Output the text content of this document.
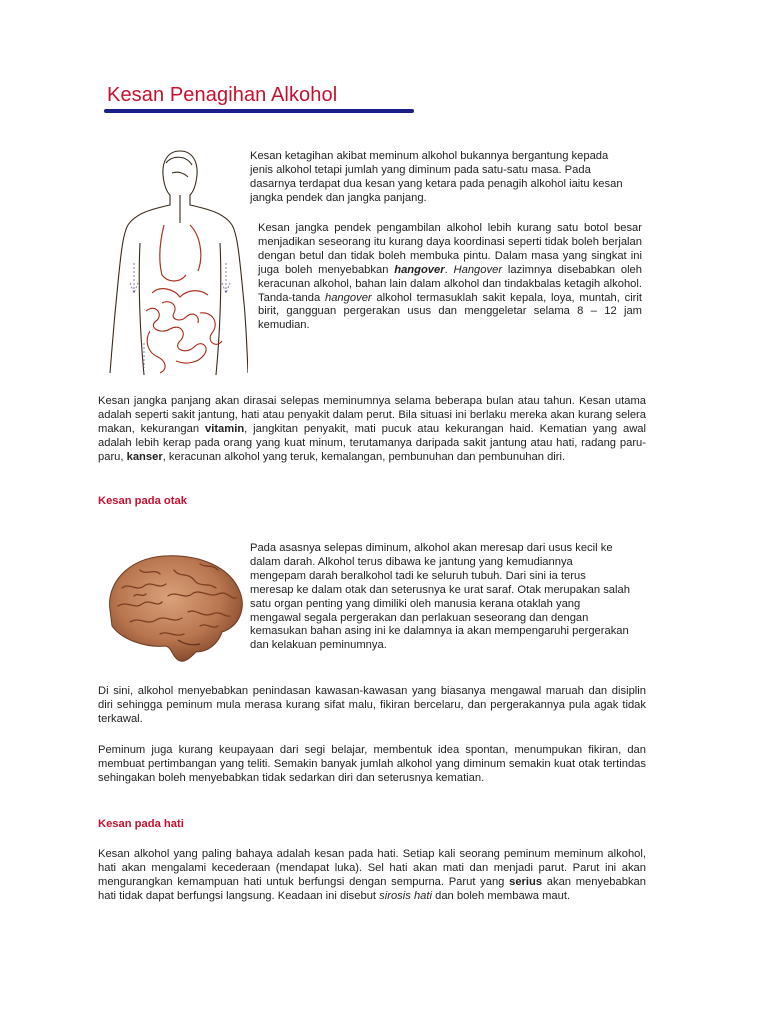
Kesan Penagihan Alkohol

Kesan ketagihan akibat meminum alkohol bukannya bergantung kepada jenis alkohol tetapi jumlah yang diminum pada satu-satu masa. Pada dasarnya terdapat dua kesan yang ketara pada penagih alkohol iaitu kesan jangka pendek dan jangka panjang.

Kesan jangka pendek pengambilan alkohol lebih kurang satu botol besar menjadikan seseorang itu kurang daya koordinasi seperti tidak boleh berjalan dengan betul dan tidak boleh membuka pintu. Dalam masa yang singkat ini juga boleh menyebabkan hangover. Hangover lazimnya disebabkan oleh keracunan alkohol, bahan lain dalam alkohol dan tindakbalas ketagih alkohol. Tanda-tanda hangover alkohol termasuklah sakit kepala, loya, muntah, cirit birit, gangguan pergerakan usus dan menggeletar selama 8 – 12 jam kemudian.

Kesan jangka panjang akan dirasai selepas meminumnya selama beberapa bulan atau tahun. Kesan utama adalah seperti sakit jantung, hati atau penyakit dalam perut. Bila situasi ini berlaku mereka akan kurang selera makan, kekurangan vitamin, jangkitan penyakit, mati pucuk atau kekurangan haid. Kematian yang awal adalah lebih kerap pada orang yang kuat minum, terutamanya daripada sakit jantung atau hati, radang paru-paru, kanser, keracunan alkohol yang teruk, kemalangan, pembunuhan dan pembunuhan diri.

Kesan pada otak

Pada asasnya selepas diminum, alkohol akan meresap dari usus kecil ke dalam darah. Alkohol terus dibawa ke jantung yang kemudiannya mengepam darah beralkohol tadi ke seluruh tubuh. Dari sini ia terus meresap ke dalam otak dan seterusnya ke urat saraf. Otak merupakan salah satu organ penting yang dimiliki oleh manusia kerana otaklah yang mengawal segala pergerakan dan perlakuan seseorang dan dengan kemasukan bahan asing ini ke dalamnya ia akan mempengaruhi pergerakan dan kelakuan peminumnya.

Di sini, alkohol menyebabkan penindasan kawasan-kawasan yang biasanya mengawal maruah dan disiplin diri sehingga peminum mula merasa kurang sifat malu, fikiran bercelaru, dan pergerakannya pula agak tidak terkawal.

Peminum juga kurang keupayaan dari segi belajar, membentuk idea spontan, menumpukan fikiran, dan membuat pertimbangan yang teliti. Semakin banyak jumlah alkohol yang diminum semakin kuat otak tertindas sehingakan boleh menyebabkan tidak sedarkan diri dan seterusnya kematian.

Kesan pada hati

Kesan alkohol yang paling bahaya adalah kesan pada hati. Setiap kali seorang peminum meminum alkohol, hati akan mengalami kecederaan (mendapat luka). Sel hati akan mati dan menjadi parut. Parut ini akan mengurangkan kemampuan hati untuk berfungsi dengan sempurna. Parut yang serius akan menyebabkan hati tidak dapat berfungsi langsung. Keadaan ini disebut sirosis hati dan boleh membawa maut.
